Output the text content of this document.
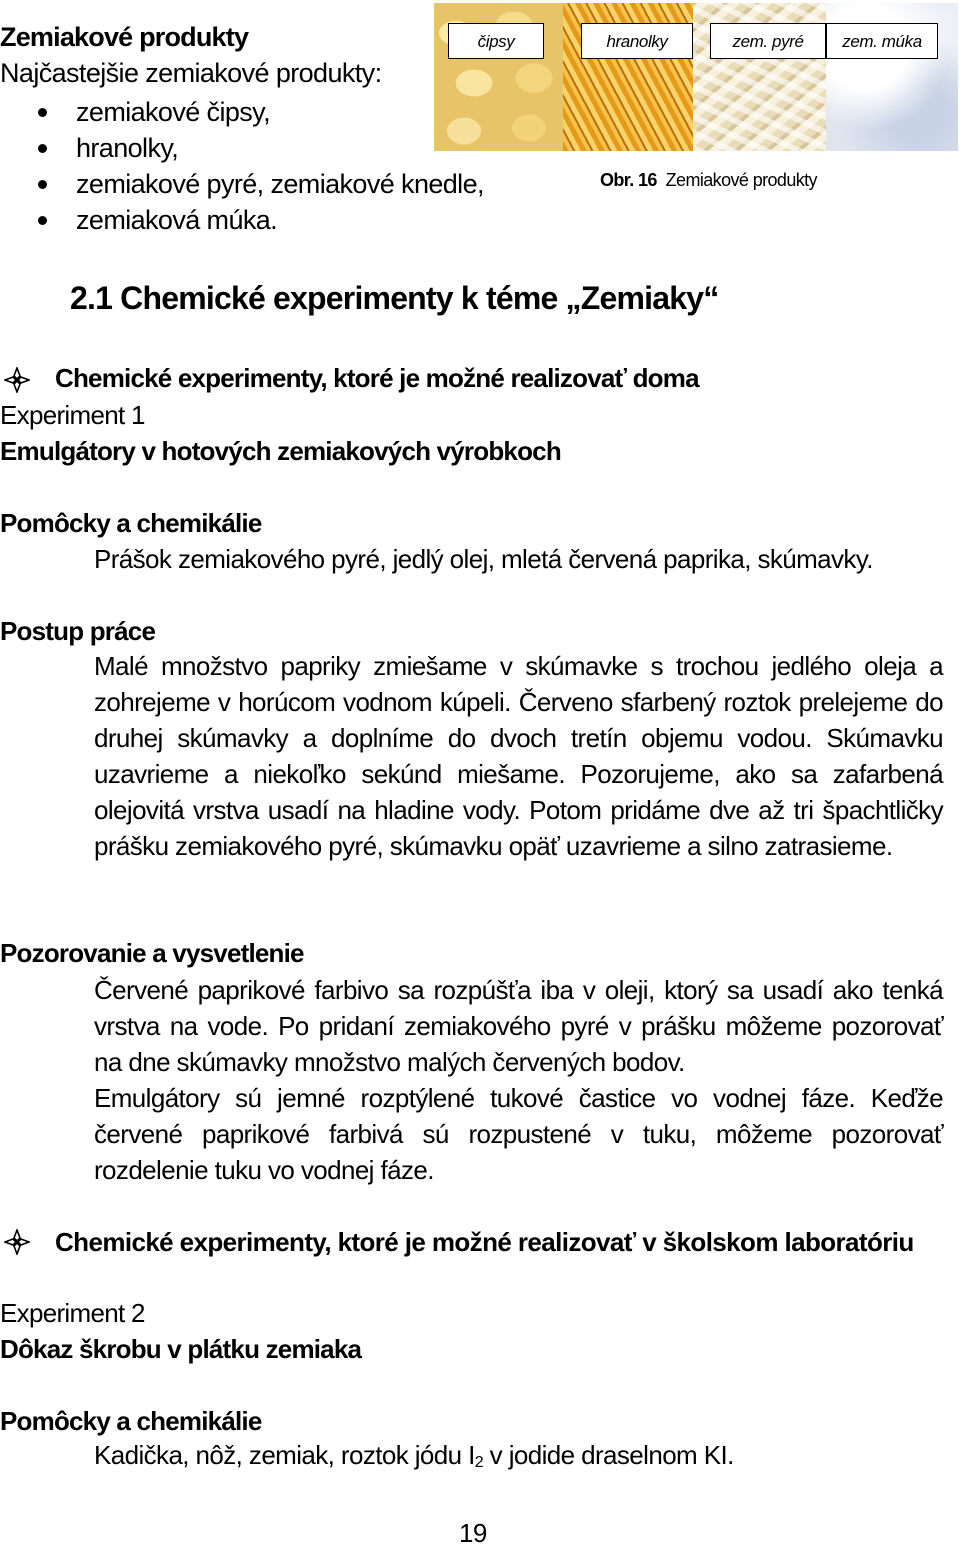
Zemiakové produkty
Najčastejšie zemiakové produkty:
zemiakové čipsy,
hranolky,
zemiakové pyré, zemiakové knedle,
zemiaková múka.
čipsy	hranolky	zem. pyré	zem. múka
Obr. 16 Zemiakové produkty
2.1 Chemické experimenty k téme „Zemiaky“
Chemické experimenty, ktoré je možné realizovať doma
Experiment 1
Emulgátory v hotových zemiakových výrobkoch
Pomôcky a chemikálie
Prášok zemiakového pyré, jedlý olej, mletá červená paprika, skúmavky.
Postup práce

Malé množstvo papriky zmiešame v skúmavke s trochou jedlého oleja a zohrejeme v horúcom vodnom kúpeli. Červeno sfarbený roztok prelejeme do druhej skúmavky a doplníme do dvoch tretín objemu vodou. Skúmavku uzavrieme a niekoľko sekúnd miešame. Pozorujeme, ako sa zafarbená olejovitá vrstva usadí na hladine vody. Potom pridáme dve až tri špachtličky prášku zemiakového pyré, skúmavku opäť uzavrieme a silno zatrasieme.

Pozorovanie a vysvetlenie

Červené paprikové farbivo sa rozpúšťa iba v oleji, ktorý sa usadí ako tenká vrstva na vode. Po pridaní zemiakového pyré v prášku môžeme pozorovať na dne skúmavky množstvo malých červených bodov.

Emulgátory sú jemné rozptýlené tukové častice vo vodnej fáze. Keďže červené paprikové farbivá sú rozpustené v tuku, môžeme pozorovať rozdelenie tuku vo vodnej fáze.

Chemické experimenty, ktoré je možné realizovať v školskom laboratóriu
Experiment 2
Dôkaz škrobu v plátku zemiaka
Pomôcky a chemikálie
Kadička, nôž, zemiak, roztok jódu $I_2$ v jodide draselnom KI.
19
